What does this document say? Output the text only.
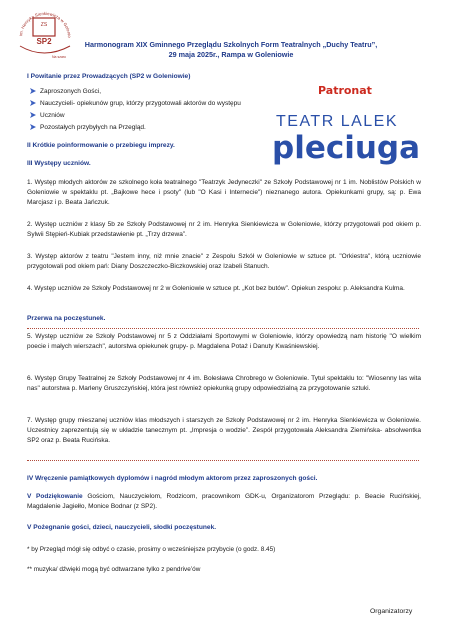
im. Henryka Sienkiewicza w Golenio
ZS
SP2
Na szaro
Harmonogram XIX Gminnego Przeglądu Szkolnych Form Teatralnych „Duchy Teatru”,
29 maja 2025r., Rampa w Goleniowie
I Powitanie przez Prowadzących (SP2 w Goleniowie)
Zaproszonych Gości,
Nauczycieli- opiekunów grup, którzy przygotowali aktorów do występu
Uczniów
Pozostałych przybyłych na Przegląd.
Patronat
TEATR LALEK
pleciuga
II Krótkie poinformowanie o przebiegu imprezy.
III Występy uczniów.
1. Występ młodych aktorów ze szkolnego koła teatralnego "Teatrzyk Jedyneczki" ze Szkoły Podstawowej nr 1 im. Noblistów Polskich w Goleniowie w spektaklu pt. „Bajkowe hece i psoty" (lub "O Kasi i Internecie") nieznanego autora. Opiekunkami grupy, są: p. Ewa Marcjasz i p. Beata Jańczuk.
2. Występ uczniów z klasy 5b ze Szkoły Podstawowej nr 2 im. Henryka Sienkiewicza w Goleniowie, którzy przygotowali pod okiem p. Sylwii Stępień-Kubiak przedstawienie pt. „Trzy drzewa”.
3. Występ aktorów z teatru "Jestem inny, niż mnie znacie" z Zespołu Szkół w Goleniowie w sztuce pt. "Orkiestra", którą uczniowie przygotowali pod okiem pań: Diany Doszczeczko-Biczkowskiej oraz Izabeli Stanuch.
4. Występ uczniów ze Szkoły Podstawowej nr 2 w Goleniowie w sztuce pt. „Kot bez butów”. Opiekun zespołu: p. Aleksandra Kulma.
Przerwa na poczęstunek.
5. Występ uczniów ze Szkoły Podstawowej nr 5 z Oddziałami Sportowymi w Goleniowie, którzy opowiedzą nam historię "O wielkim poecie i małych wierszach", autorstwa opiekunek grupy- p. Magdalena Potaż i Danuty Kwaśniewskiej.
6. Występ Grupy Teatralnej ze Szkoły Podstawowej nr 4 im. Bolesława Chrobrego w Goleniowie. Tytuł spektaklu to: "Wiosenny las wita nas" autorstwa p. Marleny Gruszczyńskiej, która jest również opiekunką grupy odpowiedzialną za przygotowanie sztuki.
7. Występ grupy mieszanej uczniów klas młodszych i starszych ze Szkoły Podstawowej nr 2 im. Henryka Sienkiewicza w Goleniowie. Uczestnicy zaprezentują się w układzie tanecznym pt. „Impresja o wodzie”. Zespół przygotowała Aleksandra Ziemińska- absolwentka SP2 oraz p. Beata Rucińska.
IV Wręczenie pamiątkowych dyplomów i nagród młodym aktorom przez zaproszonych gości.
V Podziękowanie Gościom, Nauczycielom, Rodzicom, pracownikom GDK-u, Organizatorom Przeglądu: p. Beacie Rucińskiej, Magdalenie Jagiełło, Monice Bodnar (z SP2).
V Pożegnanie gości, dzieci, nauczycieli, słodki poczęstunek.
* by Przegląd mógł się odbyć o czasie, prosimy o wcześniejsze przybycie (o godz. 8.45)
** muzyka/ dźwięki mogą być odtwarzane tylko z pendrive’ów
Organizatorzy
